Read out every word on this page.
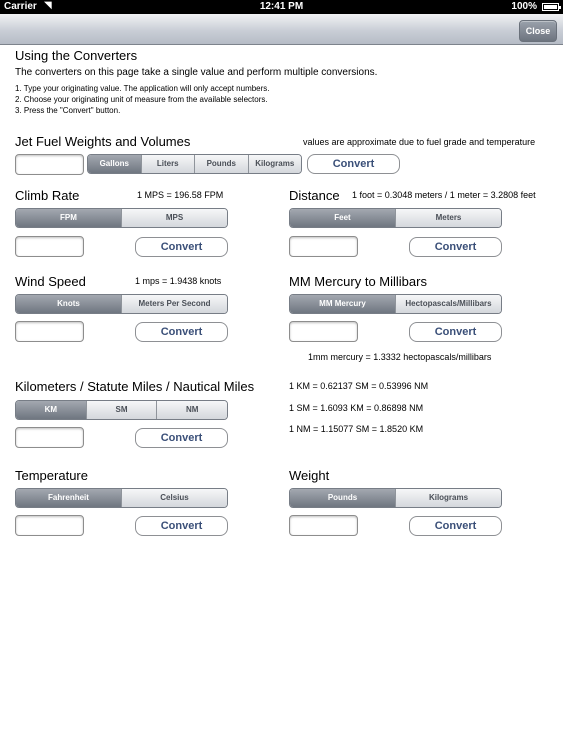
Carrier ◥	12:41 PM	100%
Close
Using the Converters
The converters on this page take a single value and perform multiple conversions.
1. Type your originating value. The application will only accept numbers.
2. Choose your originating unit of measure from the available selectors.
3. Press the "Convert" button.
Jet Fuel Weights and Volumes	values are approximate due to fuel grade and temperature
Gallons	Liters	Pounds	Kilograms	Convert
Climb Rate	1 MPS = 196.58 FPM
FPM	MPS
Convert
Distance 1 foot = 0.3048 meters / 1 meter = 3.2808 feet
Feet	Meters
Convert
Wind Speed	1 mps = 1.9438 knots
Knots	Meters Per Second
Convert
MM Mercury to Millibars
MM Mercury	Hectopascals/Millibars
Convert
1mm mercury = 1.3332 hectopascals/millibars
Kilometers / Statute Miles / Nautical Miles
KM	SM	NM
Convert
1 KM = 0.62137 SM = 0.53996 NM
1 SM = 1.6093 KM = 0.86898 NM
1 NM = 1.15077 SM = 1.8520 KM
Temperature
Fahrenheit	Celsius
Convert
Weight
Pounds	Kilograms
Convert
